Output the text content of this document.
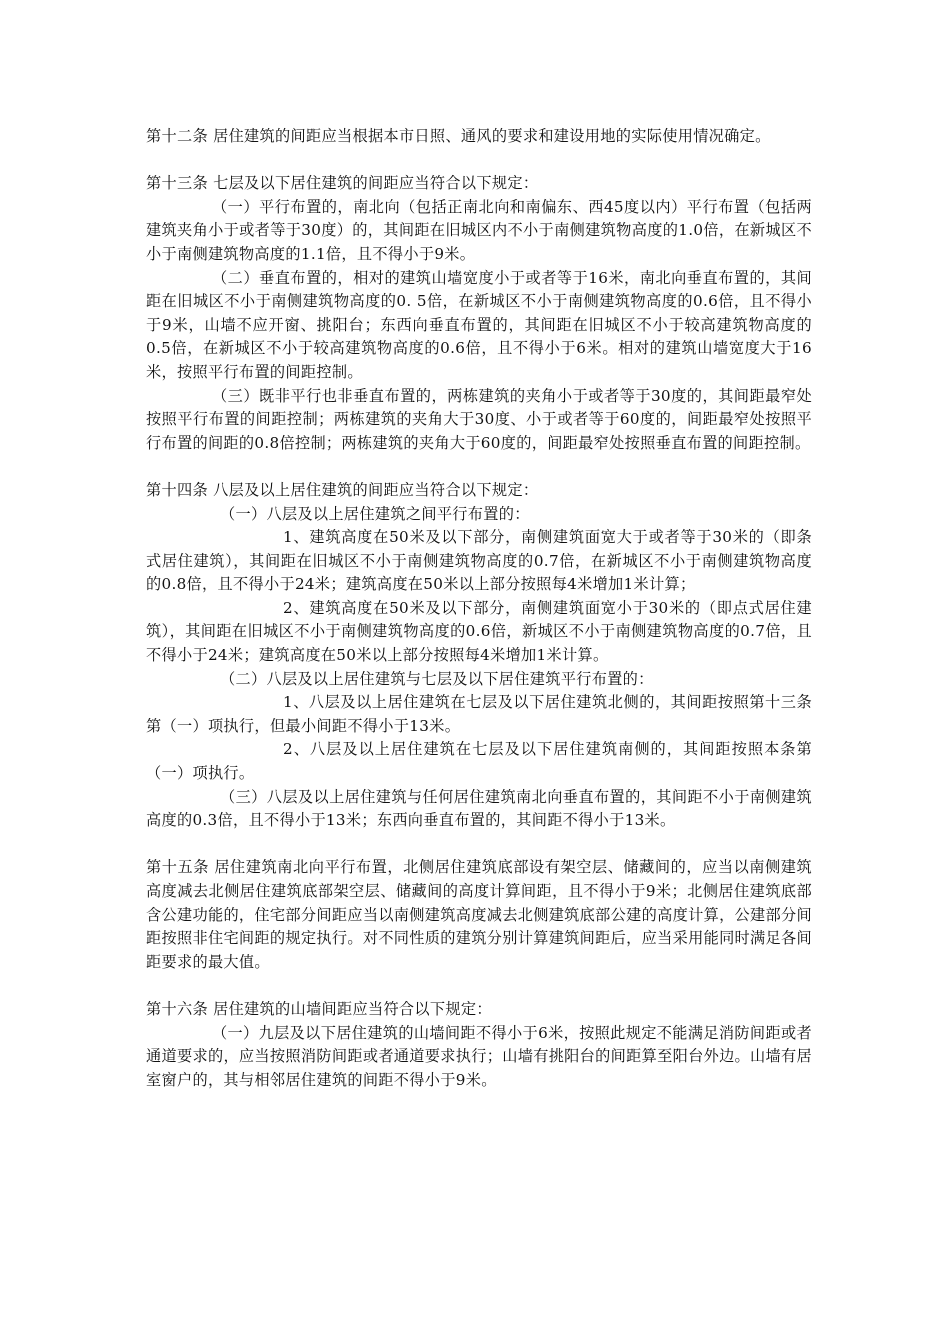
第十二条 居住建筑的间距应当根据本市日照、通风的要求和建设用地的实际使用情况确定。

第十三条 七层及以下居住建筑的间距应当符合以下规定：

（一）平行布置的，南北向（包括正南北向和南偏东、西45度以内）平行布置（包括两建筑夹角小于或者等于30度）的，其间距在旧城区内不小于南侧建筑物高度的1.0倍，在新城区不小于南侧建筑物高度的1.1倍，且不得小于9米。

（二）垂直布置的，相对的建筑山墙宽度小于或者等于16米，南北向垂直布置的，其间距在旧城区不小于南侧建筑物高度的0. 5倍，在新城区不小于南侧建筑物高度的0.6倍，且不得小于9米，山墙不应开窗、挑阳台；东西向垂直布置的，其间距在旧城区不小于较高建筑物高度的0.5倍，在新城区不小于较高建筑物高度的0.6倍，且不得小于6米。相对的建筑山墙宽度大于16米，按照平行布置的间距控制。

（三）既非平行也非垂直布置的，两栋建筑的夹角小于或者等于30度的，其间距最窄处按照平行布置的间距控制；两栋建筑的夹角大于30度、小于或者等于60度的，间距最窄处按照平行布置的间距的0.8倍控制；两栋建筑的夹角大于60度的，间距最窄处按照垂直布置的间距控制。

第十四条 八层及以上居住建筑的间距应当符合以下规定：

（一）八层及以上居住建筑之间平行布置的：

1、建筑高度在50米及以下部分，南侧建筑面宽大于或者等于30米的（即条式居住建筑），其间距在旧城区不小于南侧建筑物高度的0.7倍，在新城区不小于南侧建筑物高度的0.8倍，且不得小于24米；建筑高度在50米以上部分按照每4米增加1米计算；

2、建筑高度在50米及以下部分，南侧建筑面宽小于30米的（即点式居住建筑），其间距在旧城区不小于南侧建筑物高度的0.6倍，新城区不小于南侧建筑物高度的0.7倍，且不得小于24米；建筑高度在50米以上部分按照每4米增加1米计算。

（二）八层及以上居住建筑与七层及以下居住建筑平行布置的：

1、八层及以上居住建筑在七层及以下居住建筑北侧的，其间距按照第十三条第（一）项执行，但最小间距不得小于13米。

2、八层及以上居住建筑在七层及以下居住建筑南侧的，其间距按照本条第（一）项执行。

（三）八层及以上居住建筑与任何居住建筑南北向垂直布置的，其间距不小于南侧建筑高度的0.3倍，且不得小于13米；东西向垂直布置的，其间距不得小于13米。

第十五条 居住建筑南北向平行布置，北侧居住建筑底部设有架空层、储藏间的，应当以南侧建筑高度减去北侧居住建筑底部架空层、储藏间的高度计算间距，且不得小于9米；北侧居住建筑底部含公建功能的，住宅部分间距应当以南侧建筑高度减去北侧建筑底部公建的高度计算，公建部分间距按照非住宅间距的规定执行。对不同性质的建筑分别计算建筑间距后，应当采用能同时满足各间距要求的最大值。

第十六条 居住建筑的山墙间距应当符合以下规定：

（一）九层及以下居住建筑的山墙间距不得小于6米，按照此规定不能满足消防间距或者通道要求的，应当按照消防间距或者通道要求执行；山墙有挑阳台的间距算至阳台外边。山墙有居室窗户的，其与相邻居住建筑的间距不得小于9米。
